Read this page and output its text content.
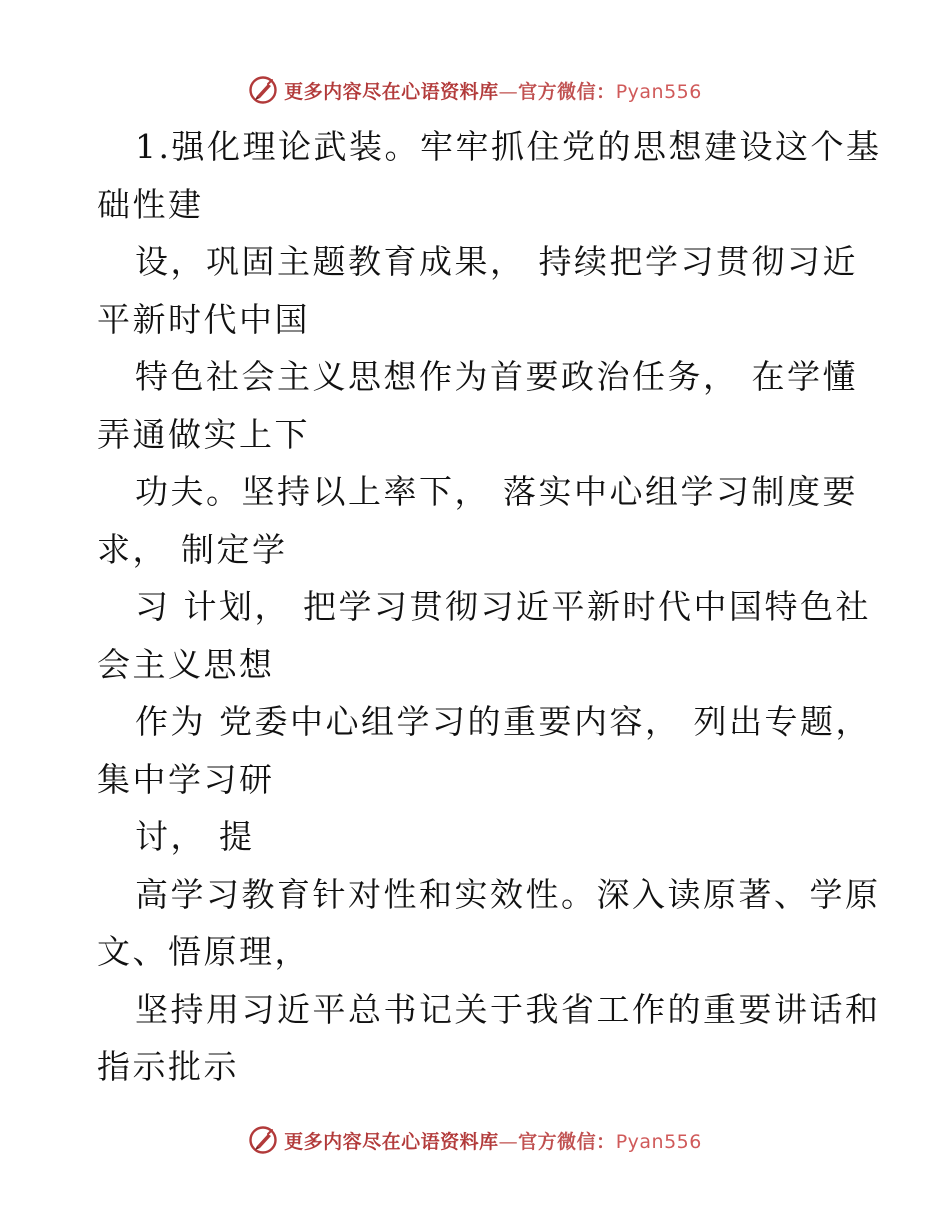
更多内容尽在心语资料库—官方微信：Pyan556
1.强化理论武装。牢牢抓住党的思想建设这个基
础性建
设，巩固主题教育成果， 持续把学习贯彻习近
平新时代中国
特色社会主义思想作为首要政治任务， 在学懂
弄通做实上下
功夫。坚持以上率下， 落实中心组学习制度要
求， 制定学
习 计划， 把学习贯彻习近平新时代中国特色社
会主义思想
作为 党委中心组学习的重要内容， 列出专题，
集中学习研
讨， 提
高学习教育针对性和实效性。深入读原著、学原
文、悟原理，
坚持用习近平总书记关于我省工作的重要讲话和
指示批示
更多内容尽在心语资料库—官方微信：Pyan556
